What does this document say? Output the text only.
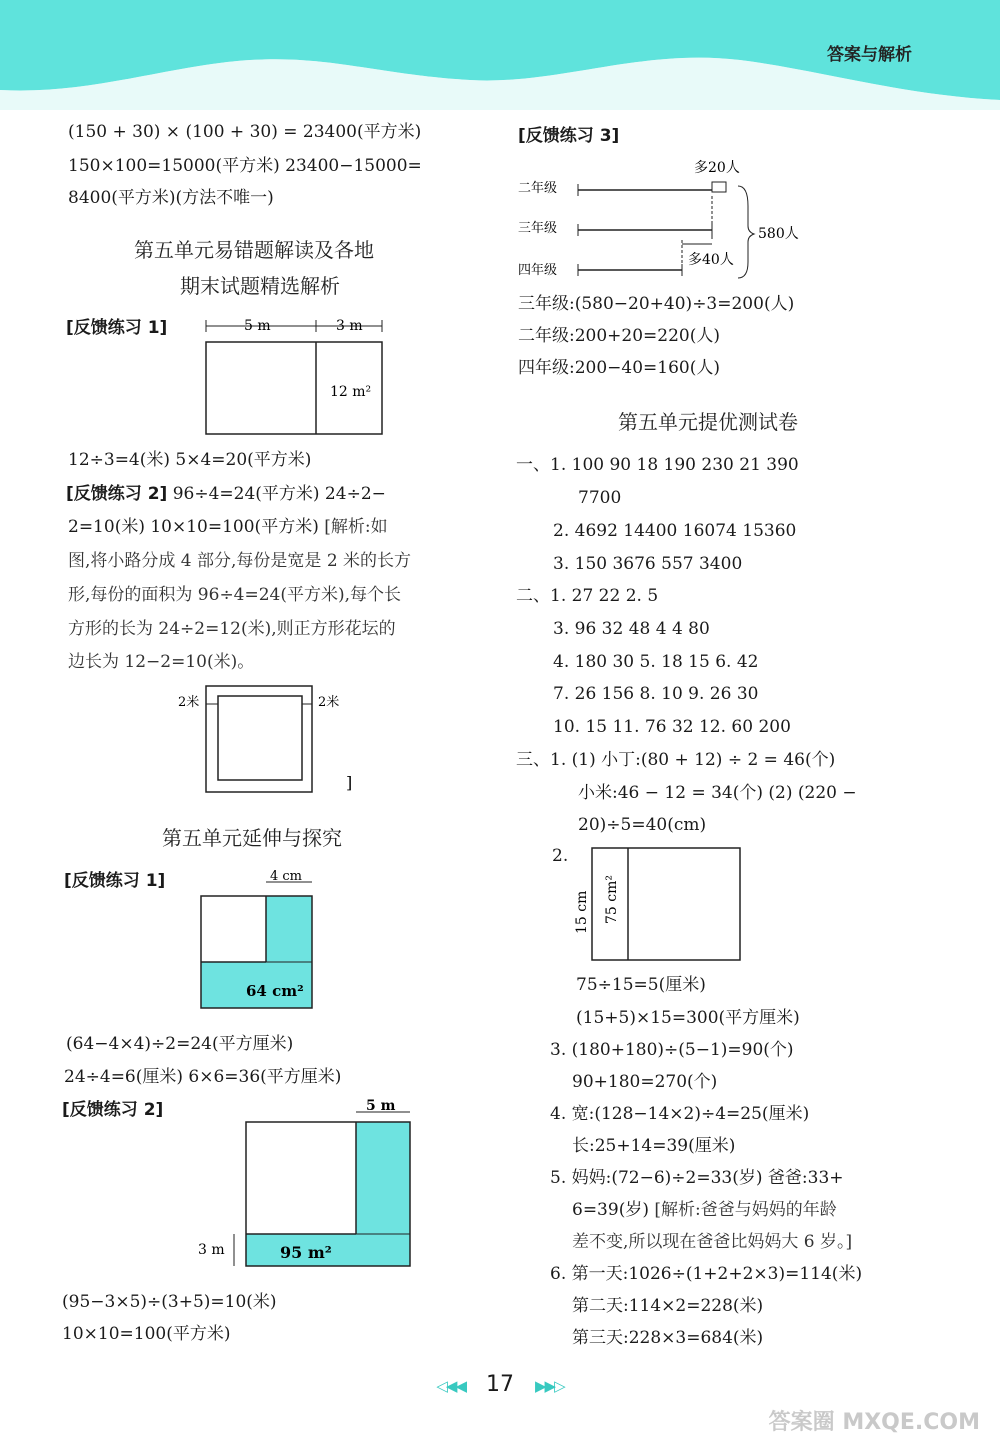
答案与解析
(150 + 30) × (100 + 30) = 23400(平方米)
150×100=15000(平方米) 23400−15000=
8400(平方米)(方法不唯一)
第五单元易错题解读及各地
期末试题精选解析
[反馈练习 1]	5 m	3 m
12 m²
12÷3=4(米) 5×4=20(平方米)
[反馈练习 2] 96÷4=24(平方米) 24÷2−
2=10(米) 10×10=100(平方米) [解析:如
图,将小路分成 4 部分,每份是宽是 2 米的长方
形,每份的面积为 96÷4=24(平方米),每个长
方形的长为 24÷2=12(米),则正方形花坛的
边长为 12−2=10(米)。
2米	2米
]
第五单元延伸与探究
[反馈练习 1]	4 cm
64 cm²
(64−4×4)÷2=24(平方厘米)
24÷4=6(厘米) 6×6=36(平方厘米)
[反馈练习 2]	5 m
3 m	95 m²
(95−3×5)÷(3+5)=10(米)
10×10=100(平方米)
[反馈练习 3]
多20人
二年级
三年级
四年级
多40人
580人
三年级:(580−20+40)÷3=200(人)
二年级:200+20=220(人)
四年级:200−40=160(人)
第五单元提优测试卷
一、1. 100 90 18 190 230 21 390
7700
2. 4692 14400 16074 15360
3. 150 3676 557 3400
二、1. 27 22 2. 5
3. 96 32 48 4 4 80
4. 180 30 5. 18 15 6. 42
7. 26 156 8. 10 9. 26 30
10. 15 11. 76 32 12. 60 200
三、1. (1) 小丁:(80 + 12) ÷ 2 = 46(个)
小米:46 − 12 = 34(个) (2) (220 −
20)÷5=40(cm)
2.
15 cm 75 cm²
75÷15=5(厘米)
(15+5)×15=300(平方厘米)
3. (180+180)÷(5−1)=90(个)
90+180=270(个)
4. 宽:(128−14×2)÷4=25(厘米)
长:25+14=39(厘米)
5. 妈妈:(72−6)÷2=33(岁) 爸爸:33+
6=39(岁) [解析:爸爸与妈妈的年龄
差不变,所以现在爸爸比妈妈大 6 岁。]
6. 第一天:1026÷(1+2+2×3)=114(米)
第二天:114×2=228(米)
第三天:228×3=684(米)
◁◀◀ 17 ▶▶▷
答案圈 MXQE.COM
